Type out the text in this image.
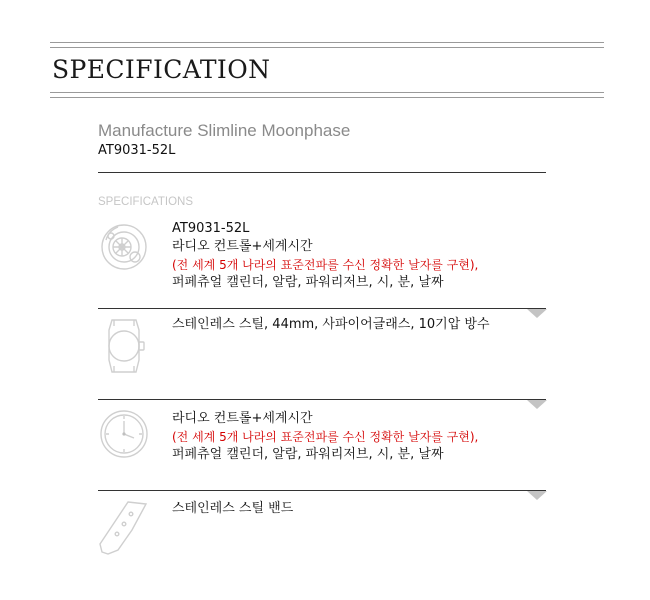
SPECIFICATION
Manufacture Slimline Moonphase
AT9031-52L
SPECIFICATIONS
AT9031-52L
라디오 컨트롤+세계시간
(전 세계 5개 나라의 표준전파를 수신 정확한 날자를 구현),
퍼페츄얼 캘린더, 알람, 파워리저브, 시, 분, 날짜
스테인레스 스틸, 44mm, 사파이어글래스, 10기압 방수
라디오 컨트롤+세계시간
(전 세계 5개 나라의 표준전파를 수신 정확한 날자를 구현),
퍼페츄얼 캘린더, 알람, 파워리저브, 시, 분, 날짜
스테인레스 스틸 밴드
